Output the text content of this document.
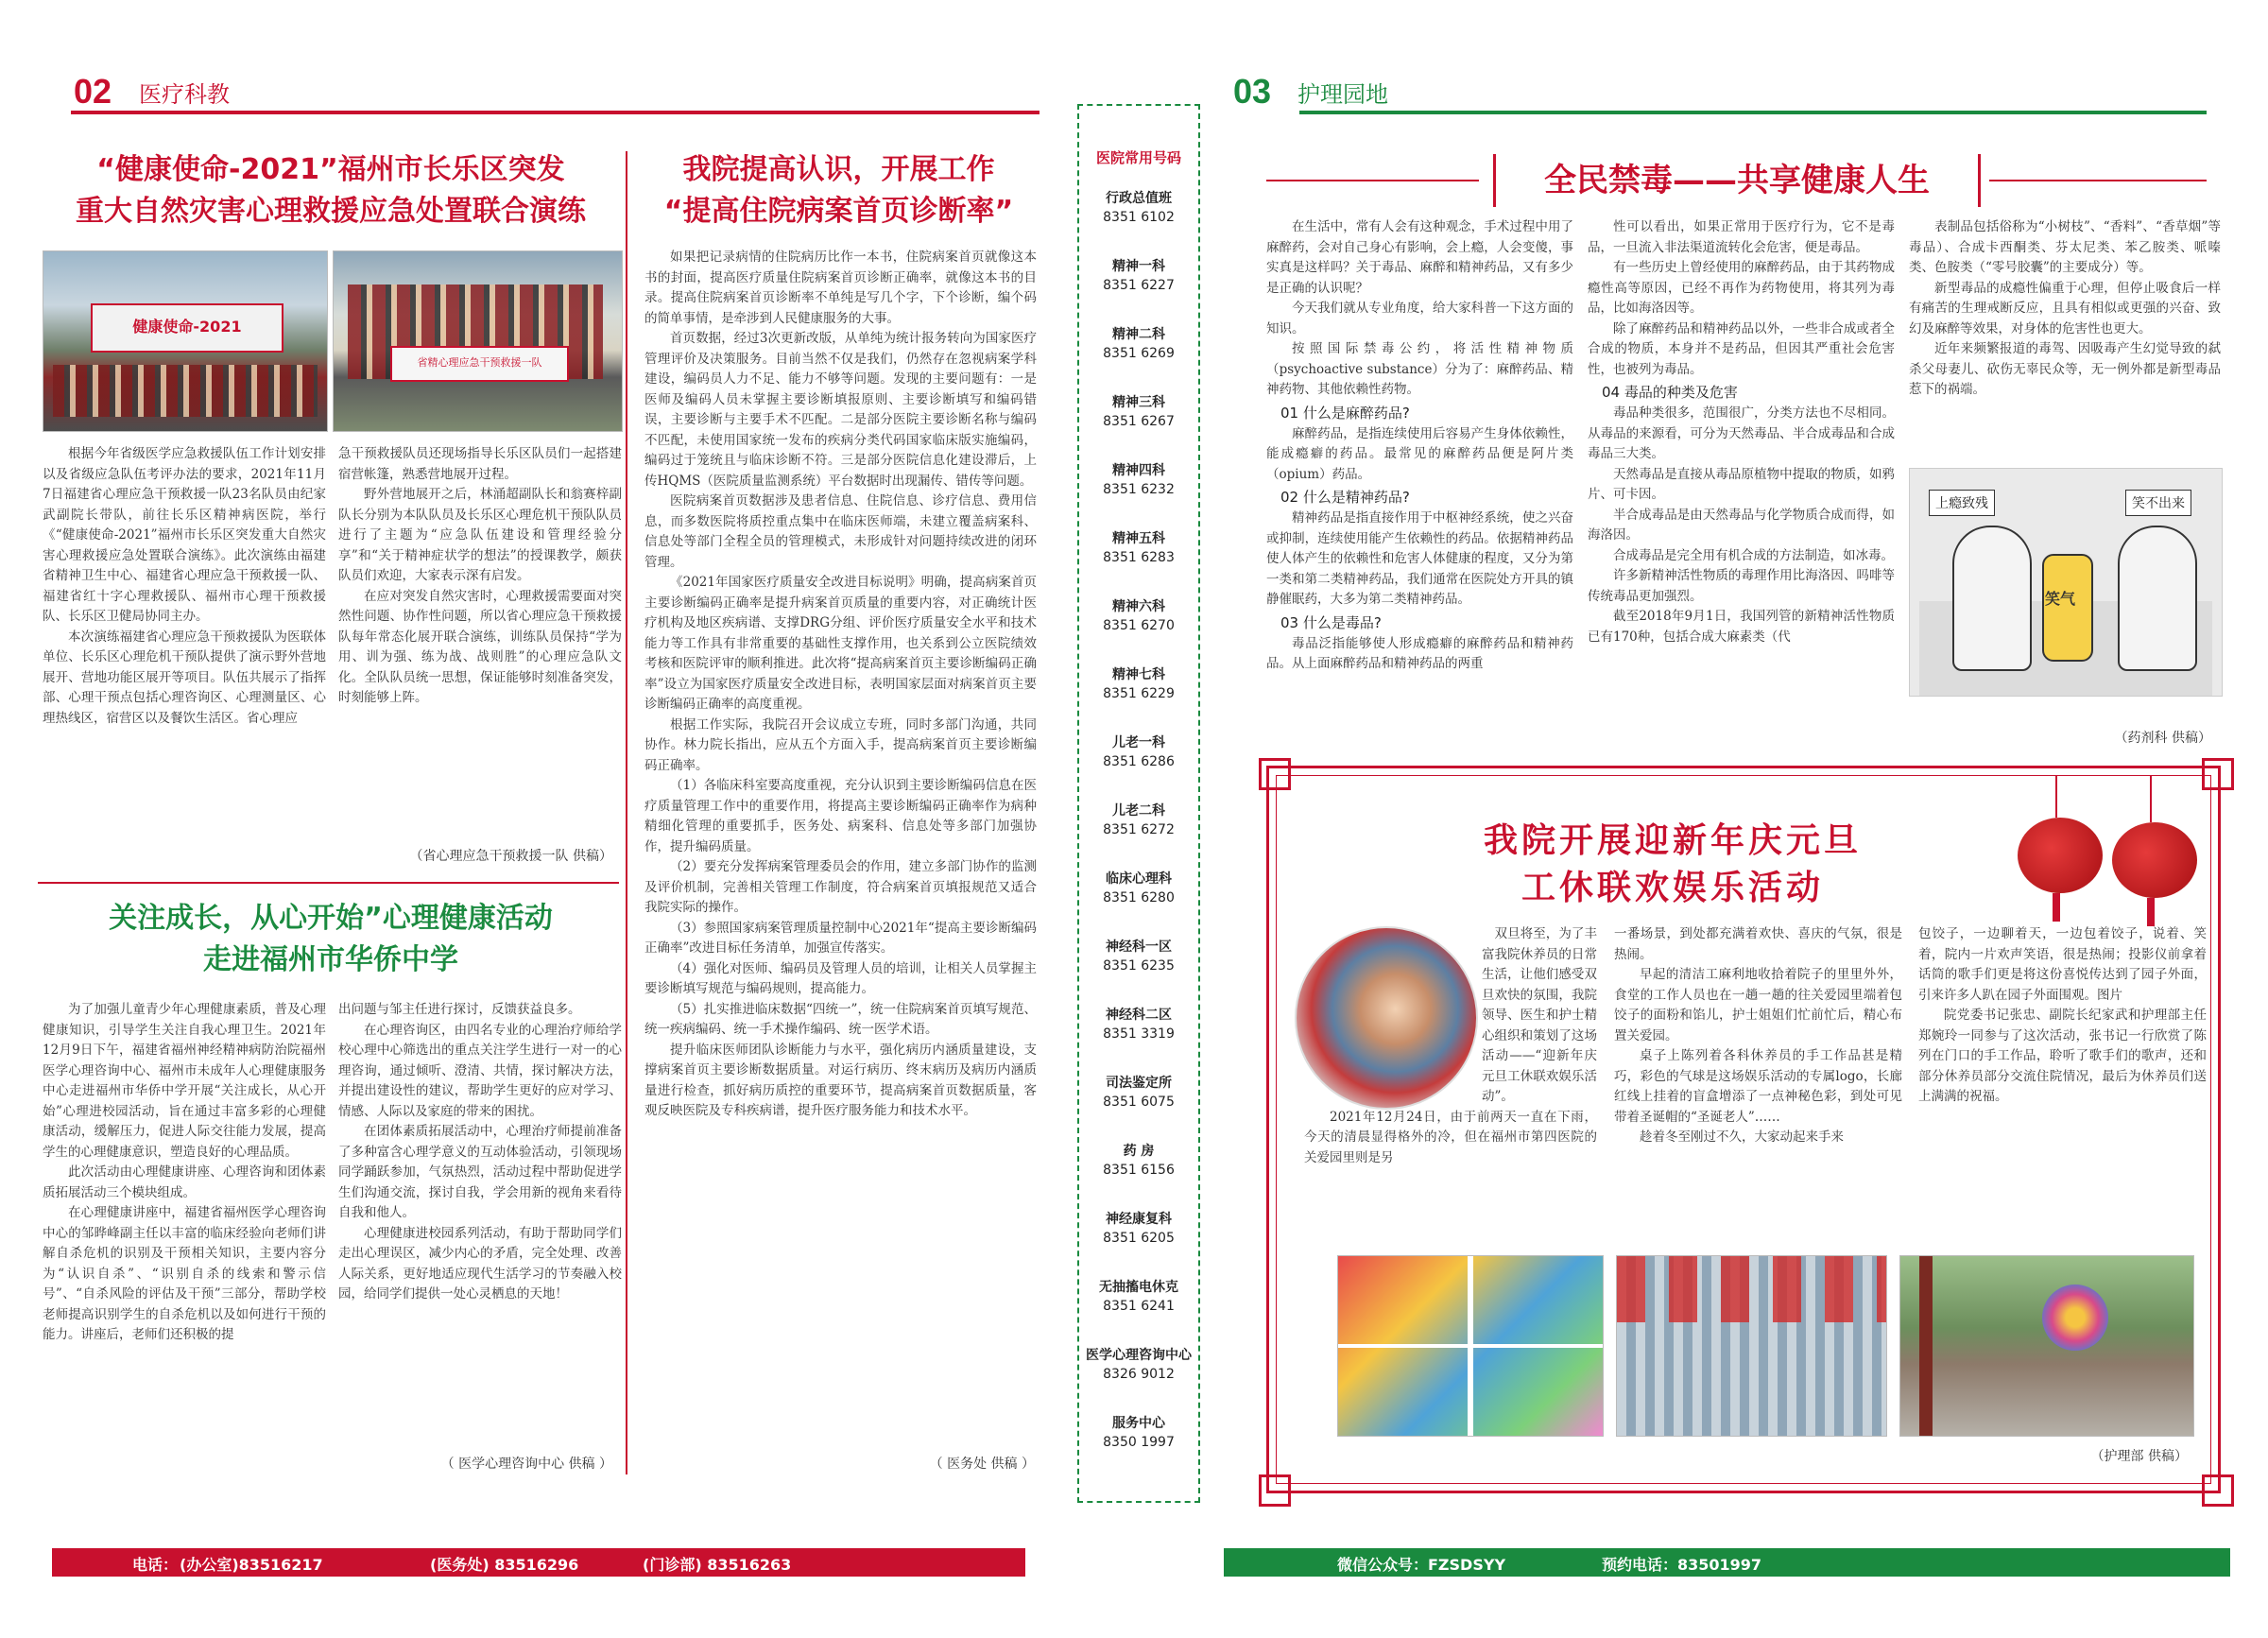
02 医疗科教	03 护理园地
“健康使命-2021”福州市长乐区突发
重大自然灾害心理救援应急处置联合演练
健康使命-2021
省精心理应急干预救援一队

根据今年省级医学应急救援队伍工作计划安排以及省级应急队伍考评办法的要求，2021年11月7日福建省心理应急干预救援一队23名队员由纪家武副院长带队，前往长乐区精神病医院，举行《“健康使命-2021”福州市长乐区突发重大自然灾害心理救援应急处置联合演练》。此次演练由福建省精神卫生中心、福建省心理应急干预救援一队、福建省红十字心理救援队、福州市心理干预救援队、长乐区卫健局协同主办。

本次演练福建省心理应急干预救援队为医联体单位、长乐区心理危机干预队提供了演示野外营地展开、营地功能区展开等项目。队伍共展示了指挥部、心理干预点包括心理咨询区、心理测量区、心理热线区，宿营区以及餐饮生活区。省心理应

急干预救援队员还现场指导长乐区队员们一起搭建宿营帐篷，熟悉营地展开过程。

野外营地展开之后，林涌超副队长和翁赛梓副队长分别为本队队员及长乐区心理危机干预队队员进行了主题为“应急队伍建设和管理经验分享”和“关于精神症状学的想法”的授课教学，颇获队员们欢迎，大家表示深有启发。

在应对突发自然灾害时，心理救援需要面对突然性问题、协作性问题，所以省心理应急干预救援队每年常态化展开联合演练，训练队员保持“学为用、训为强、练为战、战则胜”的心理应急队文化。全队队员统一思想，保证能够时刻准备突发，时刻能够上阵。

（省心理应急干预救援一队 供稿）
关注成长，从心开始”心理健康活动
走进福州市华侨中学

为了加强儿童青少年心理健康素质，普及心理健康知识，引导学生关注自我心理卫生。2021年12月9日下午，福建省福州神经精神病防治院福州医学心理咨询中心、福州市未成年人心理健康服务中心走进福州市华侨中学开展“关注成长，从心开始”心理进校园活动，旨在通过丰富多彩的心理健康活动，缓解压力，促进人际交往能力发展，提高学生的心理健康意识，塑造良好的心理品质。

此次活动由心理健康讲座、心理咨询和团体素质拓展活动三个模块组成。

在心理健康讲座中，福建省福州医学心理咨询中心的邹晔峰副主任以丰富的临床经验向老师们讲解自杀危机的识别及干预相关知识，主要内容分为“认识自杀”、“识别自杀的线索和警示信号”、“自杀风险的评估及干预”三部分，帮助学校老师提高识别学生的自杀危机以及如何进行干预的能力。讲座后，老师们还积极的提

出问题与邹主任进行探讨，反馈获益良多。

在心理咨询区，由四名专业的心理治疗师给学校心理中心筛选出的重点关注学生进行一对一的心理咨询，通过倾听、澄清、共情，探讨解决方法，并提出建设性的建议，帮助学生更好的应对学习、情感、人际以及家庭的带来的困扰。

在团体素质拓展活动中，心理治疗师提前准备了多种富含心理学意义的互动体验活动，引领现场同学踊跃参加，气氛热烈，活动过程中帮助促进学生们沟通交流，探讨自我，学会用新的视角来看待自我和他人。

心理健康进校园系列活动，有助于帮助同学们走出心理误区，减少内心的矛盾，完全处理、改善人际关系，更好地适应现代生活学习的节奏融入校园，给同学们提供一处心灵栖息的天地！

（ 医学心理咨询中心 供稿 ）
我院提高认识，开展工作
“提高住院病案首页诊断率”

如果把记录病情的住院病历比作一本书，住院病案首页就像这本书的封面，提高医疗质量住院病案首页诊断正确率，就像这本书的目录。提高住院病案首页诊断率不单纯是写几个字，下个诊断，编个码的简单事情，是牵涉到人民健康服务的大事。

首页数据，经过3次更新改版，从单纯为统计报务转向为国家医疗管理评价及决策服务。目前当然不仅是我们，仍然存在忽视病案学科建设，编码员人力不足、能力不够等问题。发现的主要问题有：一是医师及编码人员未掌握主要诊断填报原则、主要诊断填写和编码错误，主要诊断与主要手术不匹配。二是部分医院主要诊断名称与编码不匹配，未使用国家统一发布的疾病分类代码国家临床版实施编码，编码过于笼统且与临床诊断不符。三是部分医院信息化建设滞后，上传HQMS（医院质量监测系统）平台数据时出现漏传、错传等问题。

医院病案首页数据涉及患者信息、住院信息、诊疗信息、费用信息，而多数医院将质控重点集中在临床医师端，未建立覆盖病案科、信息处等部门全程全员的管理模式，未形成针对问题持续改进的闭环管理。

《2021年国家医疗质量安全改进目标说明》明确，提高病案首页主要诊断编码正确率是提升病案首页质量的重要内容，对正确统计医疗机构及地区疾病谱、支撑DRG分组、评价医疗质量安全水平和技术能力等工作具有非常重要的基础性支撑作用，也关系到公立医院绩效考核和医院评审的顺利推进。此次将“提高病案首页主要诊断编码正确率”设立为国家医疗质量安全改进目标，表明国家层面对病案首页主要诊断编码正确率的高度重视。

根据工作实际，我院召开会议成立专班，同时多部门沟通，共同协作。林力院长指出，应从五个方面入手，提高病案首页主要诊断编码正确率。

（1）各临床科室要高度重视，充分认识到主要诊断编码信息在医疗质量管理工作中的重要作用，将提高主要诊断编码正确率作为病种精细化管理的重要抓手，医务处、病案科、信息处等多部门加强协作，提升编码质量。

（2）要充分发挥病案管理委员会的作用，建立多部门协作的监测及评价机制，完善相关管理工作制度，符合病案首页填报规范又适合我院实际的操作。

（3）参照国家病案管理质量控制中心2021年“提高主要诊断编码正确率”改进目标任务清单，加强宣传落实。

（4）强化对医师、编码员及管理人员的培训，让相关人员掌握主要诊断填写规范与编码规则，提高能力。

（5）扎实推进临床数据“四统一”，统一住院病案首页填写规范、统一疾病编码、统一手术操作编码、统一医学术语。

提升临床医师团队诊断能力与水平，强化病历内涵质量建设，支撑病案首页主要诊断数据质量。对运行病历、终末病历及病历内涵质量进行检查，抓好病历质控的重要环节，提高病案首页数据质量，客观反映医院及专科疾病谱，提升医疗服务能力和技术水平。

（ 医务处 供稿 ）
医院常用号码
行政总值班
8351 6102
精神一科
8351 6227
精神二科
8351 6269
精神三科
8351 6267
精神四科
8351 6232
精神五科
8351 6283
精神六科
8351 6270
精神七科
8351 6229
儿老一科
8351 6286
儿老二科
8351 6272
临床心理科
8351 6280
神经科一区
8351 6235
神经科二区
8351 3319
司法鉴定所
8351 6075
药 房
8351 6156
神经康复科
8351 6205
无抽搐电休克
8351 6241
医学心理咨询中心
8326 9012
服务中心
8350 1997
全民禁毒——共享健康人生

在生活中，常有人会有这种观念，手术过程中用了麻醉药，会对自己身心有影响，会上瘾，人会变傻，事实真是这样吗？关于毒品、麻醉和精神药品，又有多少是正确的认识呢？

今天我们就从专业角度，给大家科普一下这方面的知识。

按照国际禁毒公约，将活性精神物质（psychoactive substance）分为了：麻醉药品、精神药物、其他依赖性药物。

01 什么是麻醉药品?

麻醉药品，是指连续使用后容易产生身体依赖性，能成瘾癖的药品。最常见的麻醉药品便是阿片类（opium）药品。

02 什么是精神药品?

精神药品是指直接作用于中枢神经系统，使之兴奋或抑制，连续使用能产生依赖性的药品。依据精神药品使人体产生的依赖性和危害人体健康的程度，又分为第一类和第二类精神药品，我们通常在医院处方开具的镇静催眠药，大多为第二类精神药品。

03 什么是毒品?

毒品泛指能够使人形成瘾癖的麻醉药品和精神药品。从上面麻醉药品和精神药品的两重

性可以看出，如果正常用于医疗行为，它不是毒品，一旦流入非法渠道流转化会危害，便是毒品。

有一些历史上曾经使用的麻醉药品，由于其药物成瘾性高等原因，已经不再作为药物使用，将其列为毒品，比如海洛因等。

除了麻醉药品和精神药品以外，一些非合成或者全合成的物质，本身并不是药品，但因其严重社会危害性，也被列为毒品。

04 毒品的种类及危害

毒品种类很多，范围很广，分类方法也不尽相同。从毒品的来源看，可分为天然毒品、半合成毒品和合成毒品三大类。

天然毒品是直接从毒品原植物中提取的物质，如鸦片、可卡因。

半合成毒品是由天然毒品与化学物质合成而得，如海洛因。

合成毒品是完全用有机合成的方法制造，如冰毒。

许多新精神活性物质的毒理作用比海洛因、吗啡等传统毒品更加强烈。

截至2018年9月1日，我国列管的新精神活性物质已有170种，包括合成大麻素类（代

表制品包括俗称为“小树枝”、“香料”、“香草烟”等毒品）、合成卡西酮类、芬太尼类、苯乙胺类、哌嗪类、色胺类（“零号胶囊”的主要成分）等。

新型毒品的成瘾性偏重于心理，但停止吸食后一样有痛苦的生理戒断反应，且具有相似或更强的兴奋、致幻及麻醉等效果，对身体的危害性也更大。

近年来频繁报道的毒驾、因吸毒产生幻觉导致的弑杀父母妻儿、砍伤无辜民众等，无一例外都是新型毒品惹下的祸端。

上瘾致残	笑不出来
笑气
（药剂科 供稿）
我院开展迎新年庆元旦
工休联欢娱乐活动

双旦将至，为了丰富我院休养员的日常生活，让他们感受双旦欢快的氛围，我院领导、医生和护士精心组织和策划了这场活动——“迎新年庆元旦工休联欢娱乐活动”。

2021年12月24日，由于前两天一直在下雨，今天的清晨显得格外的冷，但在福州市第四医院的关爱园里则是另

一番场景，到处都充满着欢快、喜庆的气氛，很是热闹。

早起的清洁工麻利地收拾着院子的里里外外，食堂的工作人员也在一趟一趟的往关爱园里端着包饺子的面粉和馅儿，护士姐姐们忙前忙后，精心布置关爱园。

桌子上陈列着各科休养员的手工作品甚是精巧，彩色的气球是这场娱乐活动的专属logo，长廊红线上挂着的盲盒增添了一点神秘色彩，到处可见带着圣诞帽的“圣诞老人”……

趁着冬至刚过不久，大家动起来手来

包饺子，一边聊着天，一边包着饺子，说着、笑着，院内一片欢声笑语，很是热闹；投影仪前拿着话筒的歌手们更是将这份喜悦传达到了园子外面，引来许多人趴在园子外面围观。图片

院党委书记张忠、副院长纪家武和护理部主任郑婉玲一同参与了这次活动，张书记一行欣赏了陈列在门口的手工作品，聆听了歌手们的歌声，还和部分休养员部分交流住院情况，最后为休养员们送上满满的祝福。

（护理部 供稿）
电话： (办公室)83516217	(医务处) 83516296	(门诊部) 83516263	微信公众号：FZSDSYY	预约电话：83501997
